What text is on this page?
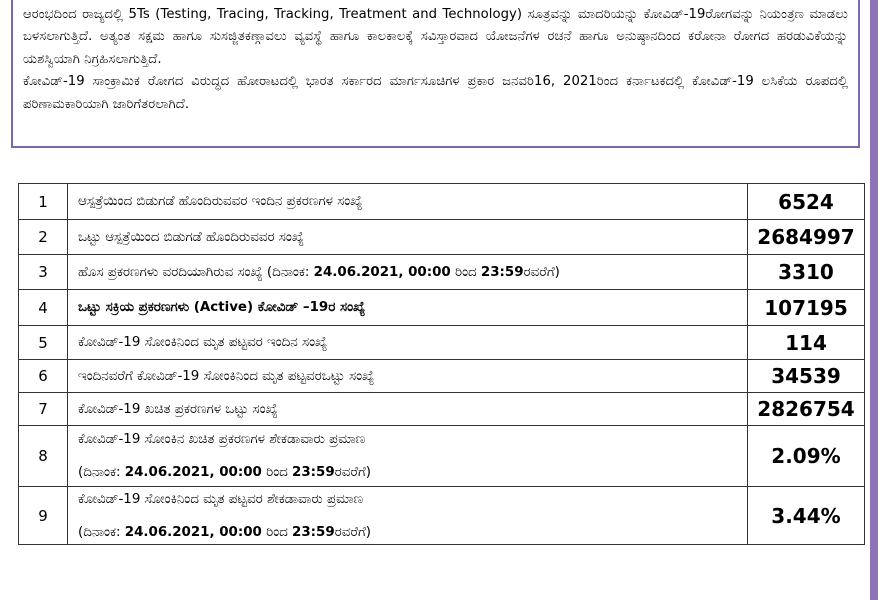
ಆರಂಭದಿಂದ ರಾಜ್ಯದಲ್ಲಿ 5Ts (Testing, Tracing, Tracking, Treatment and Technology) ಸೂತ್ರವನ್ನು ಮಾದರಿಯನ್ನು ಕೋವಿಡ್‌-19ರೋಗವನ್ನು ನಿಯಂತ್ರಣ ಮಾಡಲು ಬಳಸಲಾಗುತ್ತಿದೆ. ಅತ್ಯಂತ ಸಕ್ಷಮ ಹಾಗೂ ಸುಸಜ್ಜಿತಕಣ್ಗಾವಲು ವ್ಯವಸ್ಥೆ ಹಾಗೂ ಕಾಲಕಾಲಕ್ಕೆ ಸವಿಸ್ತಾರವಾದ ಯೋಜನೆಗಳ ರಚನೆ ಹಾಗೂ ಅನುಷ್ಠಾನದಿಂದ ಕರೋನಾ ರೋಗದ ಹರಡುವಿಕೆಯನ್ನು ಯಶಸ್ವಿಯಾಗಿ ನಿಗ್ರಹಿಸಲಾಗುತ್ತಿದೆ.

ಕೋವಿಡ್‌-19 ಸಾಂಕ್ರಾಮಿಕ ರೋಗದ ವಿರುದ್ಧದ ಹೋರಾಟದಲ್ಲಿ ಭಾರತ ಸರ್ಕಾರದ ಮಾರ್ಗಸೂಚಿಗಳ ಪ್ರಕಾರ ಜನವರಿ16, 2021ರಿಂದ ಕರ್ನಾಟಕದಲ್ಲಿ ಕೋವಿಡ್‌-19 ಲಸಿಕೆಯ ರೂಪದಲ್ಲಿ ಪರಿಣಾಮಕಾರಿಯಾಗಿ ಜಾರಿಗೆತರಲಾಗಿದೆ.

1	ಆಸ್ಪತ್ರೆಯಿಂದ ಬಿಡುಗಡೆ ಹೊಂದಿರುವವರ ಇಂದಿನ ಪ್ರಕರಣಗಳ ಸಂಖ್ಯೆ	6524
2	ಒಟ್ಟು ಆಸ್ಪತ್ರೆಯಿಂದ ಬಿಡುಗಡೆ ಹೊಂದಿರುವವರ ಸಂಖ್ಯೆ	2684997
3	ಹೊಸ ಪ್ರಕರಣಗಳು ವರದಿಯಾಗಿರುವ ಸಂಖ್ಯೆ (ದಿನಾಂಕ: 24.06.2021, 00:00 ರಿಂದ 23:59ರವರೆಗೆ)	3310
4	ಒಟ್ಟು ಸಕ್ರಿಯ ಪ್ರಕರಣಗಳು (Active) ಕೋವಿಡ್ –19ರ ಸಂಖ್ಯೆ	107195
5	ಕೋವಿಡ್‌-19 ಸೋಂಕಿನಿಂದ ಮೃತ ಪಟ್ಟವರ ಇಂದಿನ ಸಂಖ್ಯೆ	114
6	ಇಂದಿನವರೆಗೆ ಕೋವಿಡ್‌-19 ಸೋಂಕಿನಿಂದ ಮೃತ ಪಟ್ಟವರಒಟ್ಟು ಸಂಖ್ಯೆ	34539
7	ಕೋವಿಡ್‌-19 ಖಚಿತ ಪ್ರಕರಣಗಳ ಒಟ್ಟು ಸಂಖ್ಯೆ	2826754
8	ಕೋವಿಡ್‌-19 ಸೋಂಕಿನ ಖಚಿತ ಪ್ರಕರಣಗಳ ಶೇಕಡಾವಾರು ಪ್ರಮಾಣ
(ದಿನಾಂಕ: 24.06.2021, 00:00 ರಿಂದ 23:59ರವರೆಗೆ)	2.09%
9	ಕೋವಿಡ್‌-19 ಸೋಂಕಿನಿಂದ ಮೃತ ಪಟ್ಟವರ ಶೇಕಡಾವಾರು ಪ್ರಮಾಣ
(ದಿನಾಂಕ: 24.06.2021, 00:00 ರಿಂದ 23:59ರವರೆಗೆ)	3.44%
